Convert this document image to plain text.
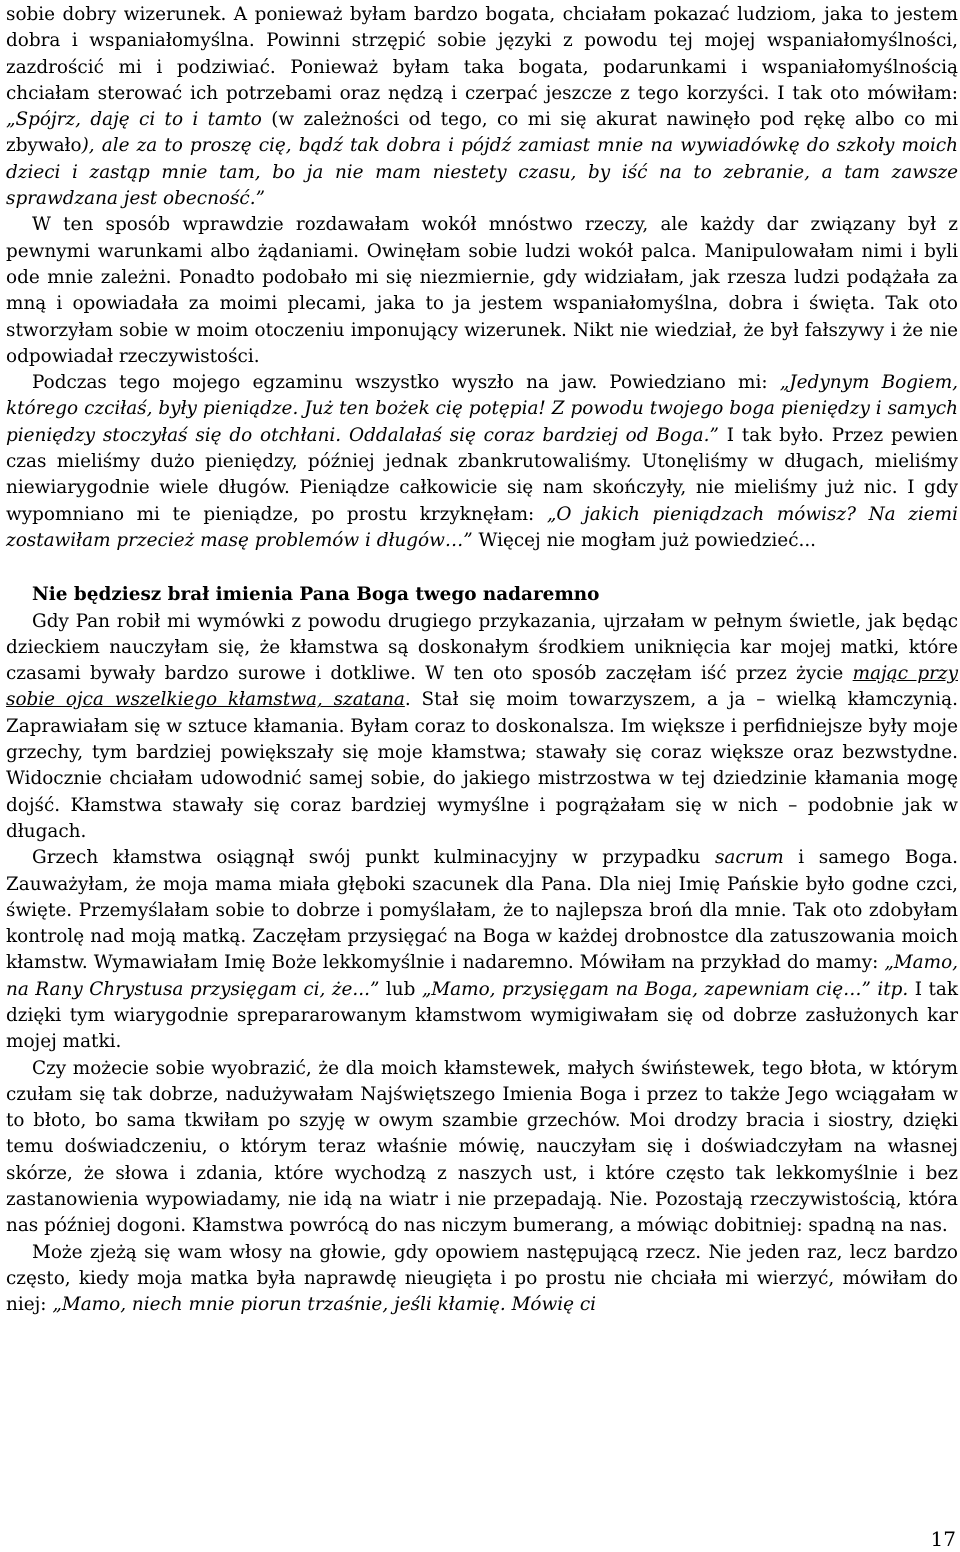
sobie dobry wizerunek. A ponieważ byłam bardzo bogata, chciałam pokazać ludziom, jaka to jestem dobra i wspaniałomyślna. Powinni strzępić sobie języki z powodu tej mojej wspaniałomyślności, zazdrościć mi i podziwiać. Ponieważ byłam taka bogata, podarunkami i wspaniałomyślnością chciałam sterować ich potrzebami oraz nędzą i czerpać jeszcze z tego korzyści. I tak oto mówiłam: „Spójrz, daję ci to i tamto (w zależności od tego, co mi się akurat nawinęło pod rękę albo co mi zbywało), ale za to proszę cię, bądź tak dobra i pójdź zamiast mnie na wywiadówkę do szkoły moich dzieci i zastąp mnie tam, bo ja nie mam niestety czasu, by iść na to zebranie, a tam zawsze sprawdzana jest obecność.”

W ten sposób wprawdzie rozdawałam wokół mnóstwo rzeczy, ale każdy dar związany był z pewnymi warunkami albo żądaniami. Owinęłam sobie ludzi wokół palca. Manipulowałam nimi i byli ode mnie zależni. Ponadto podobało mi się niezmiernie, gdy widziałam, jak rzesza ludzi podążała za mną i opowiadała za moimi plecami, jaka to ja jestem wspaniałomyślna, dobra i święta. Tak oto stworzyłam sobie w moim otoczeniu imponujący wizerunek. Nikt nie wiedział, że był fałszywy i że nie odpowiadał rzeczywistości.

Podczas tego mojego egzaminu wszystko wyszło na jaw. Powiedziano mi: „Jedynym Bogiem, którego czciłaś, były pieniądze. Już ten bożek cię potępia! Z powodu twojego boga pieniędzy i samych pieniędzy stoczyłaś się do otchłani. Oddalałaś się coraz bardziej od Boga.” I tak było. Przez pewien czas mieliśmy dużo pieniędzy, później jednak zbankrutowaliśmy. Utonęliśmy w długach, mieliśmy niewiarygodnie wiele długów. Pieniądze całkowicie się nam skończyły, nie mieliśmy już nic. I gdy wypomniano mi te pieniądze, po prostu krzyknęłam: „O jakich pieniądzach mówisz? Na ziemi zostawiłam przecież masę problemów i długów…” Więcej nie mogłam już powiedzieć...

Nie będziesz brał imienia Pana Boga twego nadaremno

Gdy Pan robił mi wymówki z powodu drugiego przykazania, ujrzałam w pełnym świetle, jak będąc dzieckiem nauczyłam się, że kłamstwa są doskonałym środkiem uniknięcia kar mojej matki, które czasami bywały bardzo surowe i dotkliwe. W ten oto sposób zaczęłam iść przez życie mając przy sobie ojca wszelkiego kłamstwa, szatana. Stał się moim towarzyszem, a ja – wielką kłamczynią. Zaprawiałam się w sztuce kłamania. Byłam coraz to doskonalsza. Im większe i perfidniejsze były moje grzechy, tym bardziej powiększały się moje kłamstwa; stawały się coraz większe oraz bezwstydne. Widocznie chciałam udowodnić samej sobie, do jakiego mistrzostwa w tej dziedzinie kłamania mogę dojść. Kłamstwa stawały się coraz bardziej wymyślne i pogrążałam się w nich – podobnie jak w długach.

Grzech kłamstwa osiągnął swój punkt kulminacyjny w przypadku sacrum i samego Boga. Zauważyłam, że moja mama miała głęboki szacunek dla Pana. Dla niej Imię Pańskie było godne czci, święte. Przemyślałam sobie to dobrze i pomyślałam, że to najlepsza broń dla mnie. Tak oto zdobyłam kontrolę nad moją matką. Zaczęłam przysięgać na Boga w każdej drobnostce dla zatuszowania moich kłamstw. Wymawiałam Imię Boże lekkomyślnie i nadaremno. Mówiłam na przykład do mamy: „Mamo, na Rany Chrystusa przysięgam ci, że...” lub „Mamo, przysięgam na Boga, zapewniam cię…” itp. I tak dzięki tym wiarygodnie sprepararowanym kłamstwom wymigiwałam się od dobrze zasłużonych kar mojej matki.

Czy możecie sobie wyobrazić, że dla moich kłamstewek, małych świństewek, tego błota, w którym czułam się tak dobrze, nadużywałam Najświętszego Imienia Boga i przez to także Jego wciągałam w to błoto, bo sama tkwiłam po szyję w owym szambie grzechów. Moi drodzy bracia i siostry, dzięki temu doświadczeniu, o którym teraz właśnie mówię, nauczyłam się i doświadczyłam na własnej skórze, że słowa i zdania, które wychodzą z naszych ust, i które często tak lekkomyślnie i bez zastanowienia wypowiadamy, nie idą na wiatr i nie przepadają. Nie. Pozostają rzeczywistością, która nas później dogoni. Kłamstwa powrócą do nas niczym bumerang, a mówiąc dobitniej: spadną na nas.

Może zjeżą się wam włosy na głowie, gdy opowiem następującą rzecz. Nie jeden raz, lecz bardzo często, kiedy moja matka była naprawdę nieugięta i po prostu nie chciała mi wierzyć, mówiłam do niej: „Mamo, niech mnie piorun trzaśnie, jeśli kłamię. Mówię ci

17
